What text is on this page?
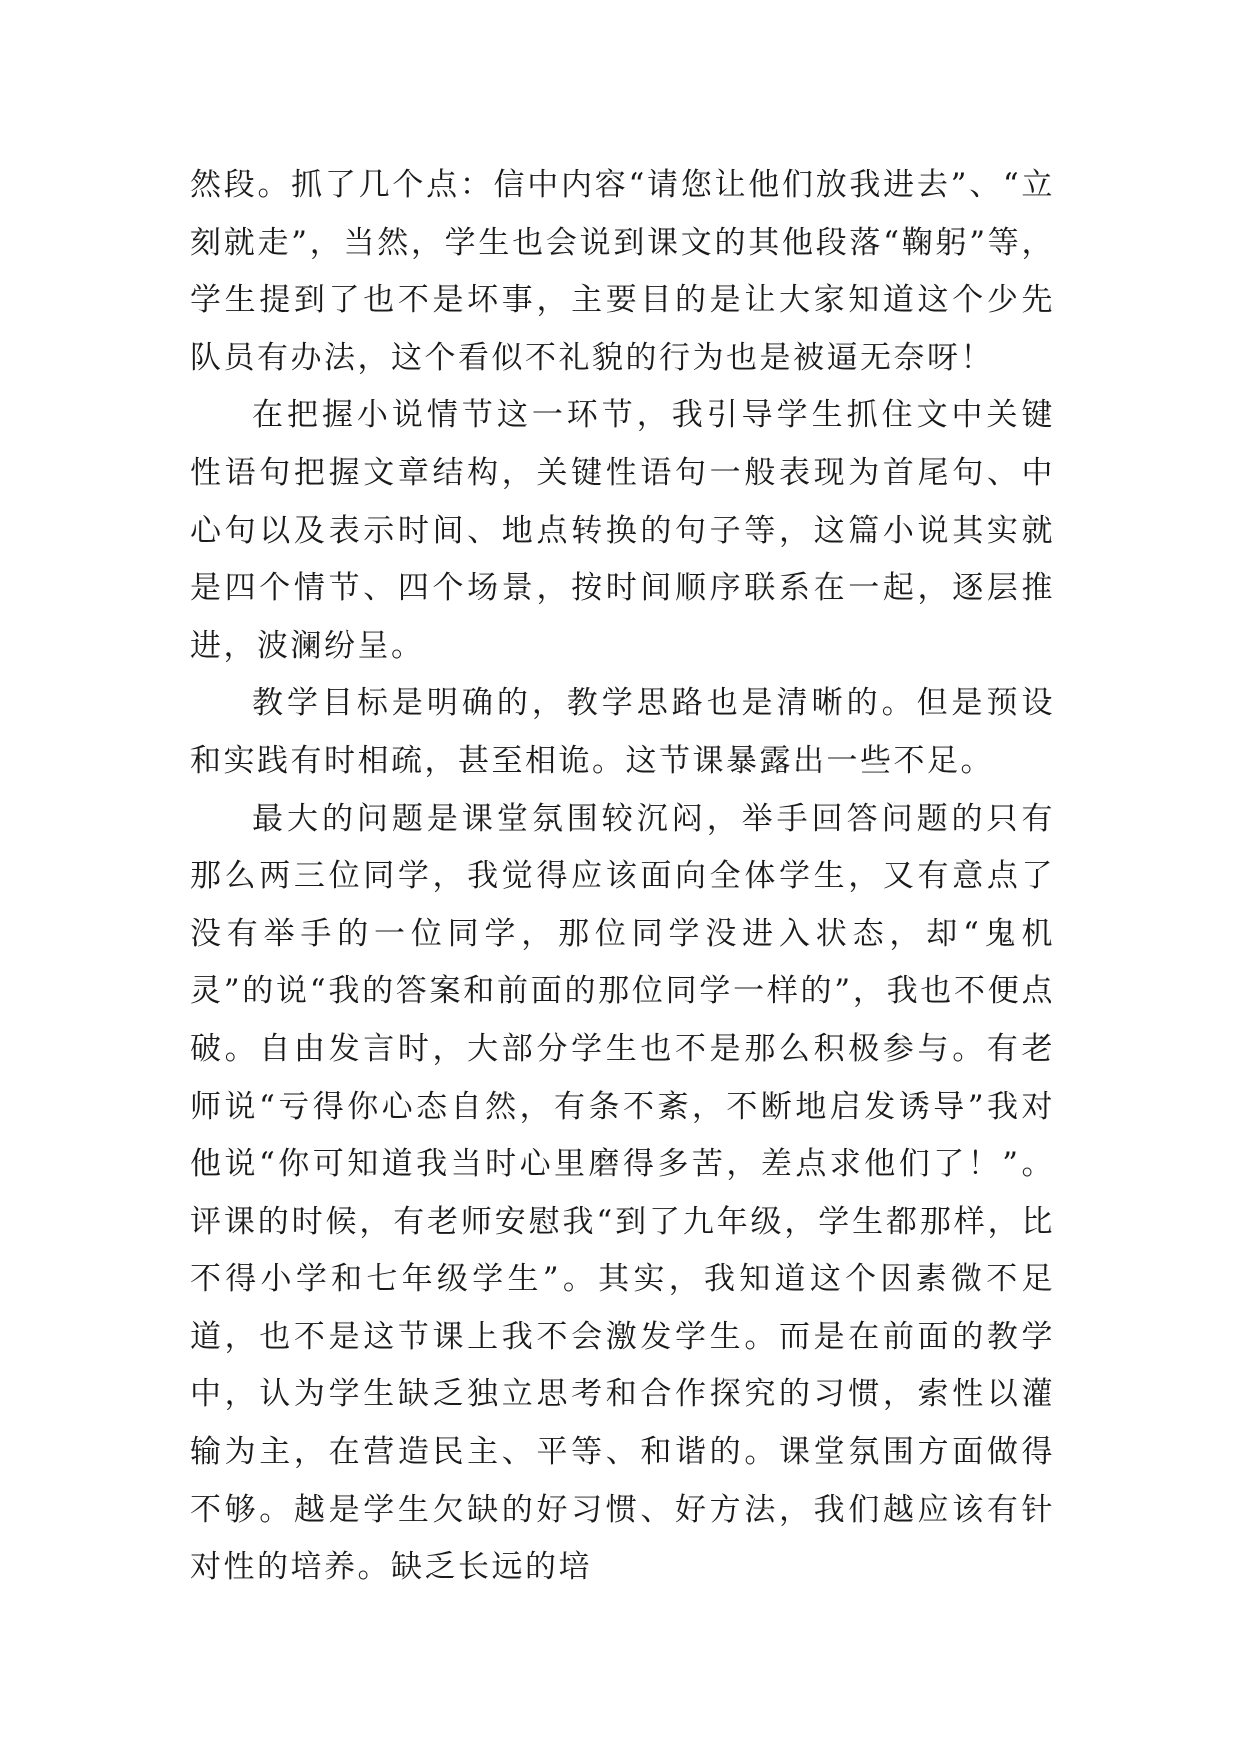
然段。抓了几个点：信中内容“请您让他们放我进去”、“立刻就走”，当然，学生也会说到课文的其他段落“鞠躬”等，学生提到了也不是坏事，主要目的是让大家知道这个少先队员有办法，这个看似不礼貌的行为也是被逼无奈呀！

在把握小说情节这一环节，我引导学生抓住文中关键性语句把握文章结构，关键性语句一般表现为首尾句、中心句以及表示时间、地点转换的句子等，这篇小说其实就是四个情节、四个场景，按时间顺序联系在一起，逐层推进，波澜纷呈。

教学目标是明确的，教学思路也是清晰的。但是预设和实践有时相疏，甚至相诡。这节课暴露出一些不足。

最大的问题是课堂氛围较沉闷，举手回答问题的只有那么两三位同学，我觉得应该面向全体学生，又有意点了没有举手的一位同学，那位同学没进入状态，却“鬼机灵”的说“我的答案和前面的那位同学一样的”，我也不便点破。自由发言时，大部分学生也不是那么积极参与。有老师说“亏得你心态自然，有条不紊，不断地启发诱导”我对他说“你可知道我当时心里磨得多苦，差点求他们了！”。评课的时候，有老师安慰我“到了九年级，学生都那样，比不得小学和七年级学生”。其实，我知道这个因素微不足道，也不是这节课上我不会激发学生。而是在前面的教学中，认为学生缺乏独立思考和合作探究的习惯，索性以灌输为主，在营造民主、平等、和谐的。课堂氛围方面做得不够。越是学生欠缺的好习惯、好方法，我们越应该有针对性的培养。缺乏长远的培
